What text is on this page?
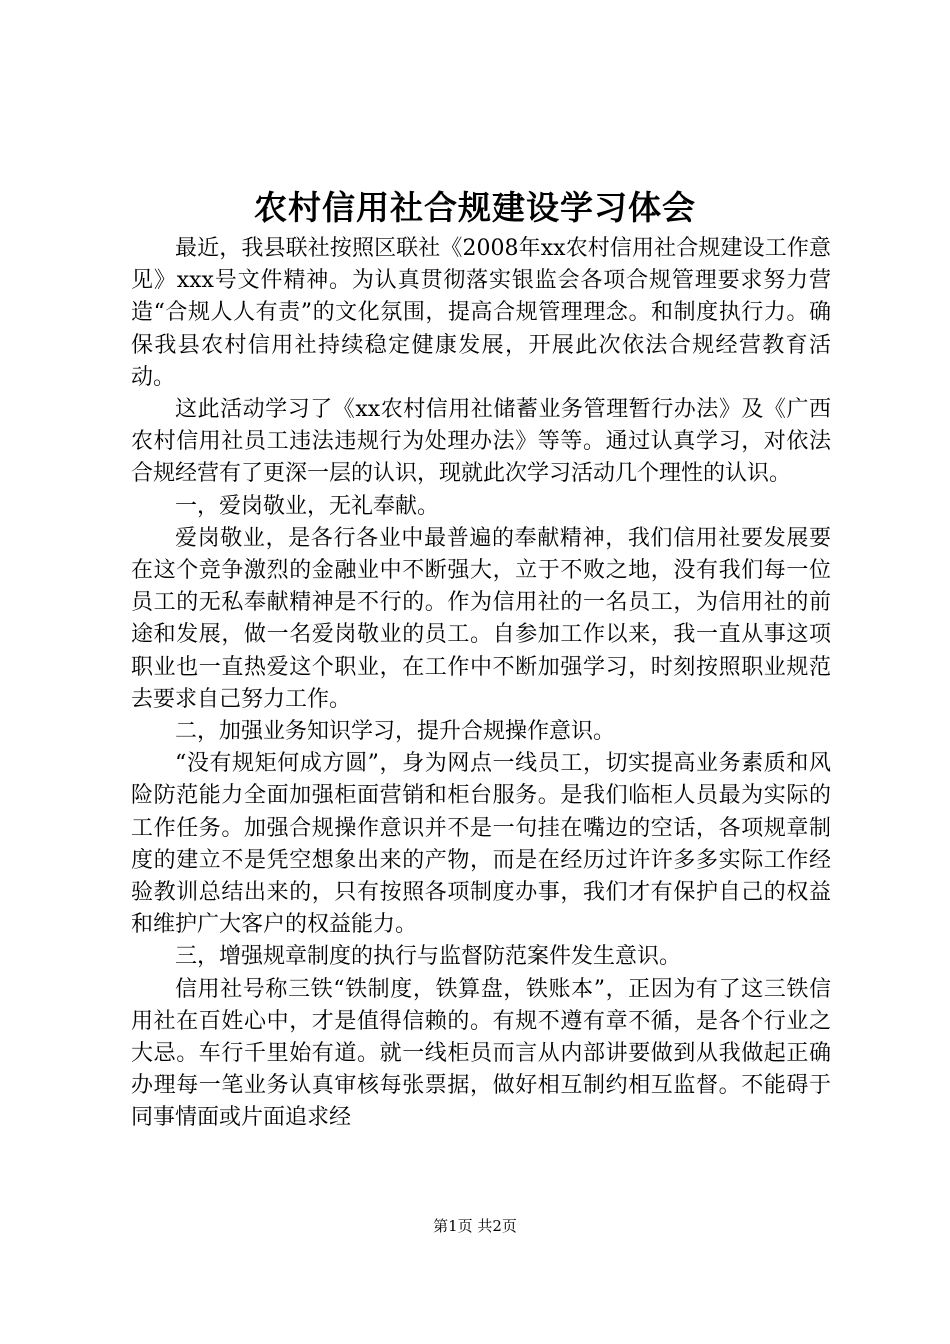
农村信用社合规建设学习体会

最近，我县联社按照区联社《2008年xx农村信用社合规建设工作意见》xxx号文件精神。为认真贯彻落实银监会各项合规管理要求努力营造“合规人人有责”的文化氛围，提高合规管理理念。和制度执行力。确保我县农村信用社持续稳定健康发展，开展此次依法合规经营教育活动。

这此活动学习了《xx农村信用社储蓄业务管理暂行办法》及《广西农村信用社员工违法违规行为处理办法》等等。通过认真学习，对依法合规经营有了更深一层的认识，现就此次学习活动几个理性的认识。

一，爱岗敬业，无礼奉献。

爱岗敬业，是各行各业中最普遍的奉献精神，我们信用社要发展要在这个竞争激烈的金融业中不断强大，立于不败之地，没有我们每一位员工的无私奉献精神是不行的。作为信用社的一名员工，为信用社的前途和发展，做一名爱岗敬业的员工。自参加工作以来，我一直从事这项职业也一直热爱这个职业，在工作中不断加强学习，时刻按照职业规范去要求自己努力工作。

二，加强业务知识学习，提升合规操作意识。

“没有规矩何成方圆”，身为网点一线员工，切实提高业务素质和风险防范能力全面加强柜面营销和柜台服务。是我们临柜人员最为实际的工作任务。加强合规操作意识并不是一句挂在嘴边的空话，各项规章制度的建立不是凭空想象出来的产物，而是在经历过许许多多实际工作经验教训总结出来的，只有按照各项制度办事，我们才有保护自己的权益和维护广大客户的权益能力。

三，增强规章制度的执行与监督防范案件发生意识。

信用社号称三铁“铁制度，铁算盘，铁账本”，正因为有了这三铁信用社在百姓心中，才是值得信赖的。有规不遵有章不循，是各个行业之大忌。车行千里始有道。就一线柜员而言从内部讲要做到从我做起正确办理每一笔业务认真审核每张票据，做好相互制约相互监督。不能碍于同事情面或片面追求经

第1页 共2页
